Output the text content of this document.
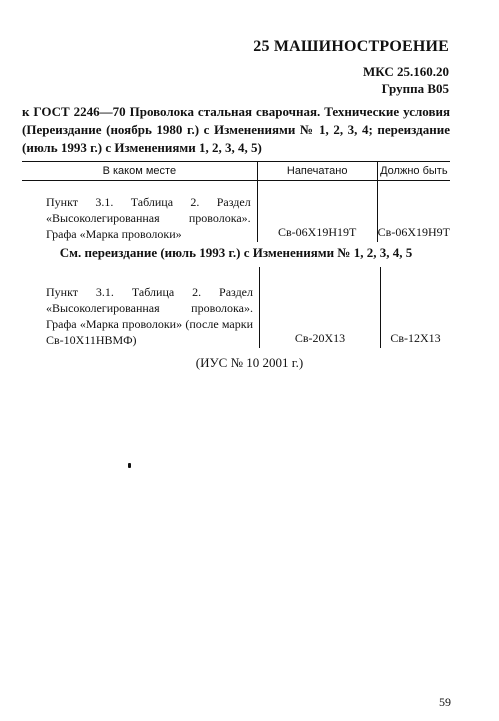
25 МАШИНОСТРОЕНИЕ
МКС 25.160.20
Группа В05
к ГОСТ 2246—70 Проволока стальная сварочная. Технические условия (Переиздание (ноябрь 1980 г.) с Изменениями № 1, 2, 3, 4; переиздание (июль 1993 г.) с Изменениями 1, 2, 3, 4, 5)
В каком месте	Напечатано	Должно быть
Пункт 3.1. Таблица 2. Раздел «Высоколегированная проволока». Графа «Марка проволоки»	Св-06Х19Н19Т	Св-06Х19Н9Т
См. переиздание (июль 1993 г.) с Изменениями № 1, 2, 3, 4, 5
Пункт 3.1. Таблица 2. Раздел «Высоколегированная проволока». Графа «Марка проволоки» (после марки Св-10Х11НВМФ)	Св-20Х13	Св-12Х13
(ИУС № 10 2001 г.)
59
